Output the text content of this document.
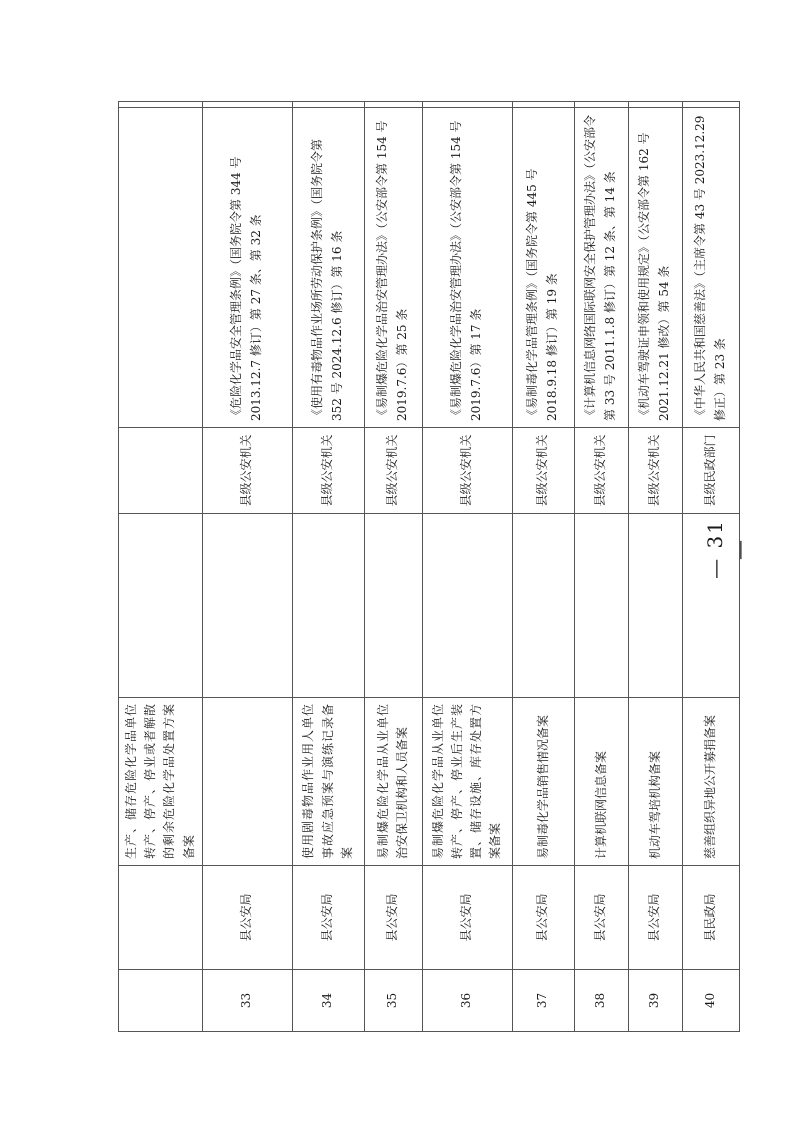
		生产、储存危险化学品单位转产、停产、停业或者解散的剩余危险化学品处置方案备案				
33	县公安局			县级公安机关	《危险化学品安全管理条例》（国务院令第 344 号 2013.12.7 修订）第 27 条、第 32 条	
34	县公安局	使用剧毒物品作业用人单位事故应急预案与演练记录备案		县级公安机关	《使用有毒物品作业场所劳动保护条例》（国务院令第 352 号 2024.12.6 修订）第 16 条	
35	县公安局	易制爆危险化学品从业单位治安保卫机构和人员备案		县级公安机关	《易制爆危险化学品治安管理办法》（公安部令第 154 号 2019.7.6）第 25 条	
36	县公安局	易制爆危险化学品从业单位转产、停产、停业后生产装置、储存设施、库存处置方案备案		县级公安机关	《易制爆危险化学品治安管理办法》（公安部令第 154 号 2019.7.6）第 17 条	
37	县公安局	易制毒化学品销售情况备案		县级公安机关	《易制毒化学品管理条例》（国务院令第 445 号 2018.9.18 修订）第 19 条	
38	县公安局	计算机联网信息备案		县级公安机关	《计算机信息网络国际联网安全保护管理办法》（公安部令第 33 号 2011.1.8 修订）第 12 条、第 14 条	
39	县公安局	机动车驾培机构备案		县级公安机关	《机动车驾驶证申领和使用规定》（公安部令第 162 号 2021.12.21 修改）第 54 条	
40	县民政局	慈善组织异地公开募捐备案		县级民政部门	《中华人民共和国慈善法》（主席令第 43 号 2023.12.29 修正）第 23 条	
— 31 —
